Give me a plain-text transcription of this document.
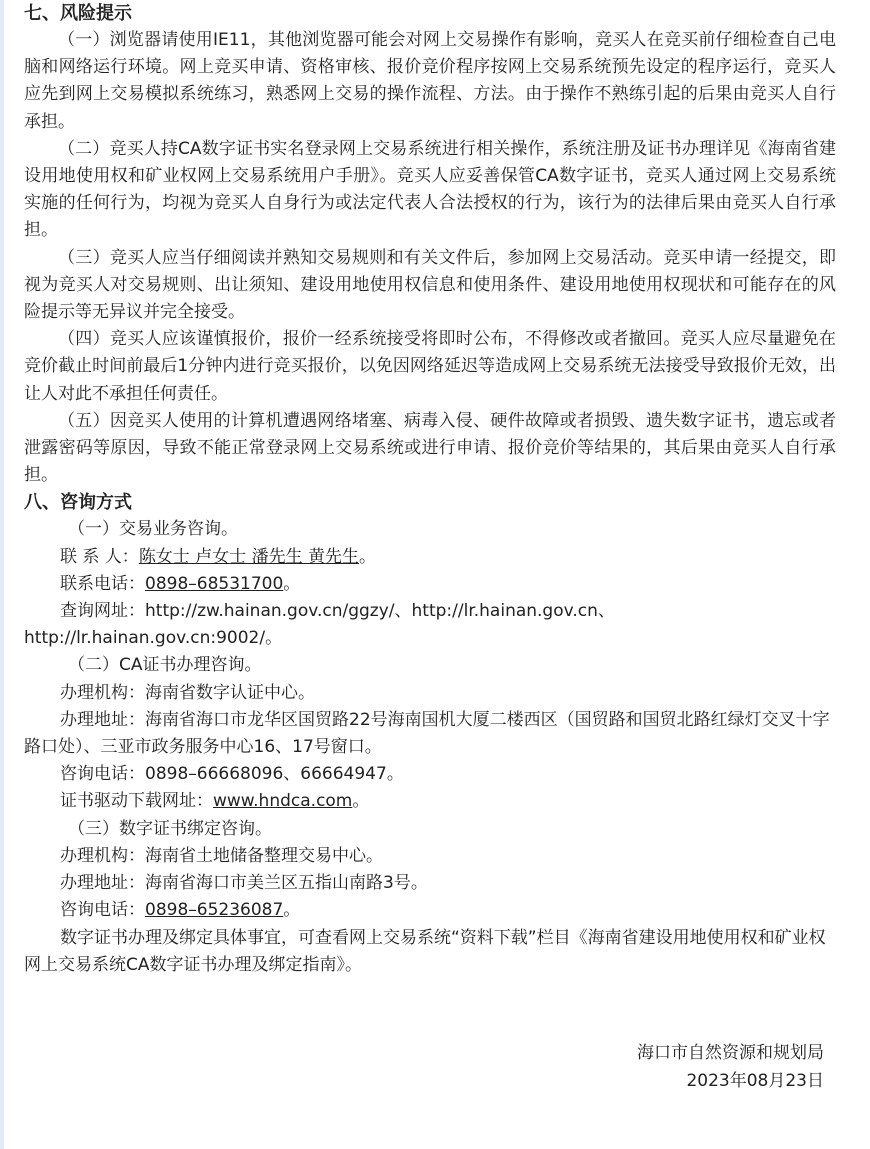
七、风险提示

（一）浏览器请使用IE11，其他浏览器可能会对网上交易操作有影响，竞买人在竞买前仔细检查自己电脑和网络运行环境。网上竞买申请、资格审核、报价竞价程序按网上交易系统预先设定的程序运行，竞买人应先到网上交易模拟系统练习，熟悉网上交易的操作流程、方法。由于操作不熟练引起的后果由竞买人自行承担。

（二）竞买人持CA数字证书实名登录网上交易系统进行相关操作，系统注册及证书办理详见《海南省建设用地使用权和矿业权网上交易系统用户手册》。竞买人应妥善保管CA数字证书，竞买人通过网上交易系统实施的任何行为，均视为竞买人自身行为或法定代表人合法授权的行为，该行为的法律后果由竞买人自行承担。

（三）竞买人应当仔细阅读并熟知交易规则和有关文件后，参加网上交易活动。竞买申请一经提交，即视为竞买人对交易规则、出让须知、建设用地使用权信息和使用条件、建设用地使用权现状和可能存在的风险提示等无异议并完全接受。

（四）竞买人应该谨慎报价，报价一经系统接受将即时公布，不得修改或者撤回。竞买人应尽量避免在竞价截止时间前最后1分钟内进行竞买报价，以免因网络延迟等造成网上交易系统无法接受导致报价无效，出让人对此不承担任何责任。

（五）因竞买人使用的计算机遭遇网络堵塞、病毒入侵、硬件故障或者损毁、遗失数字证书，遗忘或者泄露密码等原因，导致不能正常登录网上交易系统或进行申请、报价竞价等结果的，其后果由竞买人自行承担。

八、咨询方式

（一）交易业务咨询。

联 系 人：陈女士 卢女士 潘先生 黄先生。

联系电话：0898–68531700。

查询网址：http://zw.hainan.gov.cn/ggzy/、http://lr.hainan.gov.cn、

http://lr.hainan.gov.cn:9002/。

（二）CA证书办理咨询。

办理机构：海南省数字认证中心。

办理地址：海南省海口市龙华区国贸路22号海南国机大厦二楼西区（国贸路和国贸北路红绿灯交叉十字路口处）、三亚市政务服务中心16、17号窗口。

咨询电话：0898–66668096、66664947。

证书驱动下载网址：www.hndca.com。

（三）数字证书绑定咨询。

办理机构：海南省土地储备整理交易中心。

办理地址：海南省海口市美兰区五指山南路3号。

咨询电话：0898–65236087。

数字证书办理及绑定具体事宜，可查看网上交易系统“资料下载”栏目《海南省建设用地使用权和矿业权网上交易系统CA数字证书办理及绑定指南》。

海口市自然资源和规划局

2023年08月23日
